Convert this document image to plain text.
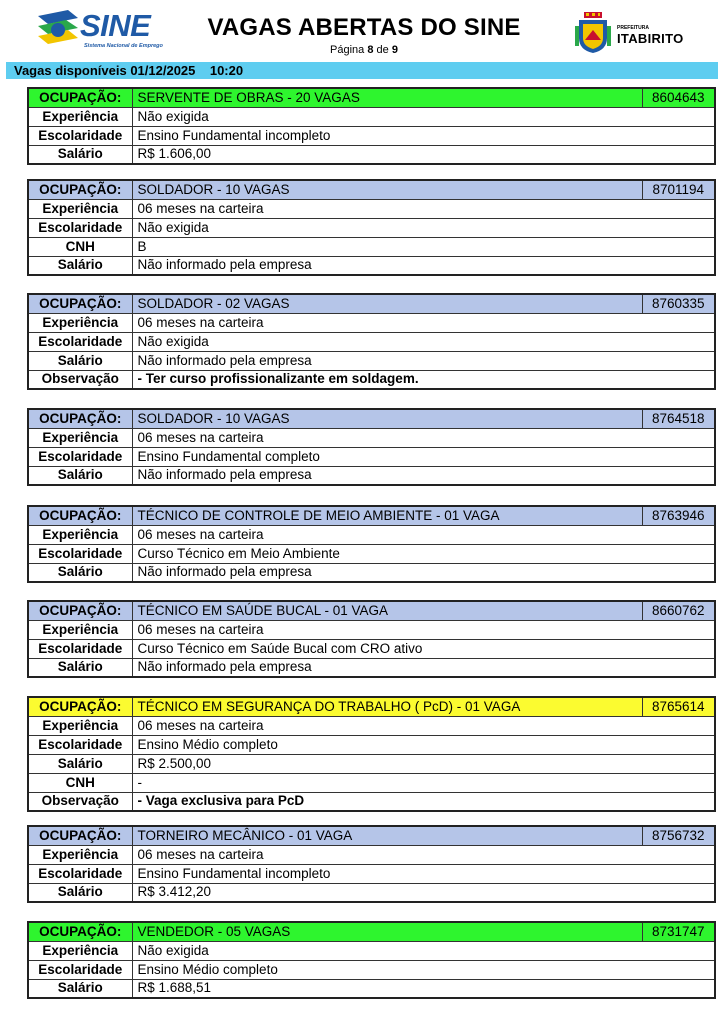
SINE
Sistema Nacional de Emprego
VAGAS ABERTAS DO SINE
Página 8 de 9
PREFEITURA
ITABIRITO
Vagas disponíveis 01/12/2025    10:20
OCUPAÇÃO:	SERVENTE DE OBRAS - 20 VAGAS	8604643
Experiência	Não exigida	
Escolaridade	Ensino Fundamental incompleto	
Salário	R$ 1.606,00	
OCUPAÇÃO:	SOLDADOR - 10 VAGAS	8701194
Experiência	06 meses na carteira	
Escolaridade	Não exigida	
CNH	B	
Salário	Não informado pela empresa	
OCUPAÇÃO:	SOLDADOR - 02 VAGAS	8760335
Experiência	06 meses na carteira	
Escolaridade	Não exigida	
Salário	Não informado pela empresa	
Observação	- Ter curso profissionalizante em soldagem.	
OCUPAÇÃO:	SOLDADOR - 10 VAGAS	8764518
Experiência	06 meses na carteira	
Escolaridade	Ensino Fundamental completo	
Salário	Não informado pela empresa	
OCUPAÇÃO:	TÉCNICO DE CONTROLE DE MEIO AMBIENTE - 01 VAGA	8763946
Experiência	06 meses na carteira	
Escolaridade	Curso Técnico em Meio Ambiente	
Salário	Não informado pela empresa	
OCUPAÇÃO:	TÉCNICO EM SAÚDE BUCAL - 01 VAGA	8660762
Experiência	06 meses na carteira	
Escolaridade	Curso Técnico em Saúde Bucal com CRO ativo	
Salário	Não informado pela empresa	
OCUPAÇÃO:	TÉCNICO EM SEGURANÇA DO TRABALHO ( PcD) - 01 VAGA	8765614
Experiência	06 meses na carteira	
Escolaridade	Ensino Médio completo	
Salário	R$ 2.500,00	
CNH	-	
Observação	- Vaga exclusiva para PcD	
OCUPAÇÃO:	TORNEIRO MECÂNICO - 01 VAGA	8756732
Experiência	06 meses na carteira	
Escolaridade	Ensino Fundamental incompleto	
Salário	R$ 3.412,20	
OCUPAÇÃO:	VENDEDOR - 05 VAGAS	8731747
Experiência	Não exigida	
Escolaridade	Ensino Médio completo	
Salário	R$ 1.688,51	
